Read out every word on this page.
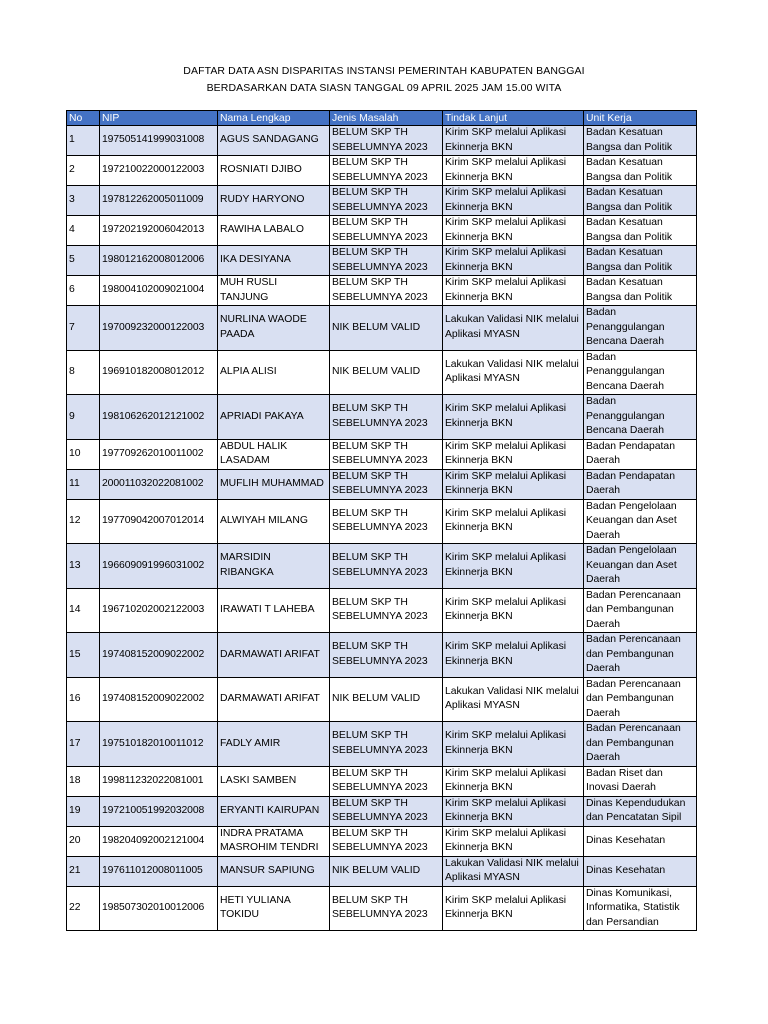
DAFTAR DATA ASN DISPARITAS INSTANSI PEMERINTAH KABUPATEN BANGGAI
BERDASARKAN DATA SIASN TANGGAL 09 APRIL 2025 JAM 15.00 WITA
No	NIP	Nama Lengkap	Jenis Masalah	Tindak Lanjut	Unit Kerja
1	197505141999031008	AGUS SANDAGANG	BELUM SKP TH SEBELUMNYA 2023	Kirim SKP melalui Aplikasi Ekinnerja BKN	Badan Kesatuan Bangsa dan Politik
2	197210022000122003	ROSNIATI DJIBO	BELUM SKP TH SEBELUMNYA 2023	Kirim SKP melalui Aplikasi Ekinnerja BKN	Badan Kesatuan Bangsa dan Politik
3	197812262005011009	RUDY HARYONO	BELUM SKP TH SEBELUMNYA 2023	Kirim SKP melalui Aplikasi Ekinnerja BKN	Badan Kesatuan Bangsa dan Politik
4	197202192006042013	RAWIHA LABALO	BELUM SKP TH SEBELUMNYA 2023	Kirim SKP melalui Aplikasi Ekinnerja BKN	Badan Kesatuan Bangsa dan Politik
5	198012162008012006	IKA DESIYANA	BELUM SKP TH SEBELUMNYA 2023	Kirim SKP melalui Aplikasi Ekinnerja BKN	Badan Kesatuan Bangsa dan Politik
6	198004102009021004	MUH RUSLI TANJUNG	BELUM SKP TH SEBELUMNYA 2023	Kirim SKP melalui Aplikasi Ekinnerja BKN	Badan Kesatuan Bangsa dan Politik
7	197009232000122003	NURLINA WAODE PAADA	NIK BELUM VALID	Lakukan Validasi NIK melalui Aplikasi MYASN	Badan Penanggulangan Bencana Daerah
8	196910182008012012	ALPIA ALISI	NIK BELUM VALID	Lakukan Validasi NIK melalui Aplikasi MYASN	Badan Penanggulangan Bencana Daerah
9	198106262012121002	APRIADI PAKAYA	BELUM SKP TH SEBELUMNYA 2023	Kirim SKP melalui Aplikasi Ekinnerja BKN	Badan Penanggulangan Bencana Daerah
10	197709262010011002	ABDUL HALIK LASADAM	BELUM SKP TH SEBELUMNYA 2023	Kirim SKP melalui Aplikasi Ekinnerja BKN	Badan Pendapatan Daerah
11	200011032022081002	MUFLIH MUHAMMAD	BELUM SKP TH SEBELUMNYA 2023	Kirim SKP melalui Aplikasi Ekinnerja BKN	Badan Pendapatan Daerah
12	197709042007012014	ALWIYAH MILANG	BELUM SKP TH SEBELUMNYA 2023	Kirim SKP melalui Aplikasi Ekinnerja BKN	Badan Pengelolaan Keuangan dan Aset Daerah
13	196609091996031002	MARSIDIN RIBANGKA	BELUM SKP TH SEBELUMNYA 2023	Kirim SKP melalui Aplikasi Ekinnerja BKN	Badan Pengelolaan Keuangan dan Aset Daerah
14	196710202002122003	IRAWATI T LAHEBA	BELUM SKP TH SEBELUMNYA 2023	Kirim SKP melalui Aplikasi Ekinnerja BKN	Badan Perencanaan dan Pembangunan Daerah
15	197408152009022002	DARMAWATI ARIFAT	BELUM SKP TH SEBELUMNYA 2023	Kirim SKP melalui Aplikasi Ekinnerja BKN	Badan Perencanaan dan Pembangunan Daerah
16	197408152009022002	DARMAWATI ARIFAT	NIK BELUM VALID	Lakukan Validasi NIK melalui Aplikasi MYASN	Badan Perencanaan dan Pembangunan Daerah
17	197510182010011012	FADLY AMIR	BELUM SKP TH SEBELUMNYA 2023	Kirim SKP melalui Aplikasi Ekinnerja BKN	Badan Perencanaan dan Pembangunan Daerah
18	199811232022081001	LASKI SAMBEN	BELUM SKP TH SEBELUMNYA 2023	Kirim SKP melalui Aplikasi Ekinnerja BKN	Badan Riset dan Inovasi Daerah
19	197210051992032008	ERYANTI KAIRUPAN	BELUM SKP TH SEBELUMNYA 2023	Kirim SKP melalui Aplikasi Ekinnerja BKN	Dinas Kependudukan dan Pencatatan Sipil
20	198204092002121004	INDRA PRATAMA MASROHIM TENDRI	BELUM SKP TH SEBELUMNYA 2023	Kirim SKP melalui Aplikasi Ekinnerja BKN	Dinas Kesehatan
21	197611012008011005	MANSUR SAPIUNG	NIK BELUM VALID	Lakukan Validasi NIK melalui Aplikasi MYASN	Dinas Kesehatan
22	198507302010012006	HETI YULIANA TOKIDU	BELUM SKP TH SEBELUMNYA 2023	Kirim SKP melalui Aplikasi Ekinnerja BKN	Dinas Komunikasi, Informatika, Statistik dan Persandian
